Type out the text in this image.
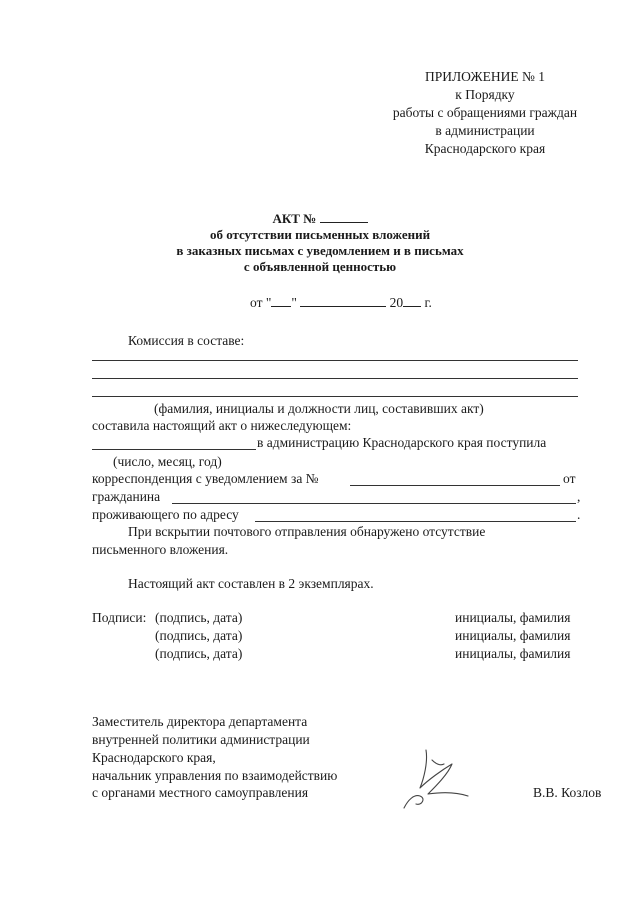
ПРИЛОЖЕНИЕ № 1
к Порядку
работы с обращениями граждан
в администрации
Краснодарского края
АКТ №
об отсутствии письменных вложений
в заказных письмах с уведомлением и в письмах
с объявленной ценностью
от " "	20 г.
Комиссия в составе:
(фамилия, инициалы и должности лиц, составивших акт)
составила настоящий акт о нижеследующем:
в администрацию Краснодарского края поступила
(число, месяц, год)
корреспонденция с уведомлением за №	от
гражданина	,
проживающего по адресу	.
При вскрытии почтового отправления обнаружено отсутствие
письменного вложения.
Настоящий акт составлен в 2 экземплярах.
Подписи: (подпись, дата)	инициалы, фамилия
(подпись, дата)	инициалы, фамилия
(подпись, дата)	инициалы, фамилия
Заместитель директора департамента
внутренней политики администрации
Краснодарского края,
начальник управления по взаимодействию
с органами местного самоуправления	В.В. Козлов
